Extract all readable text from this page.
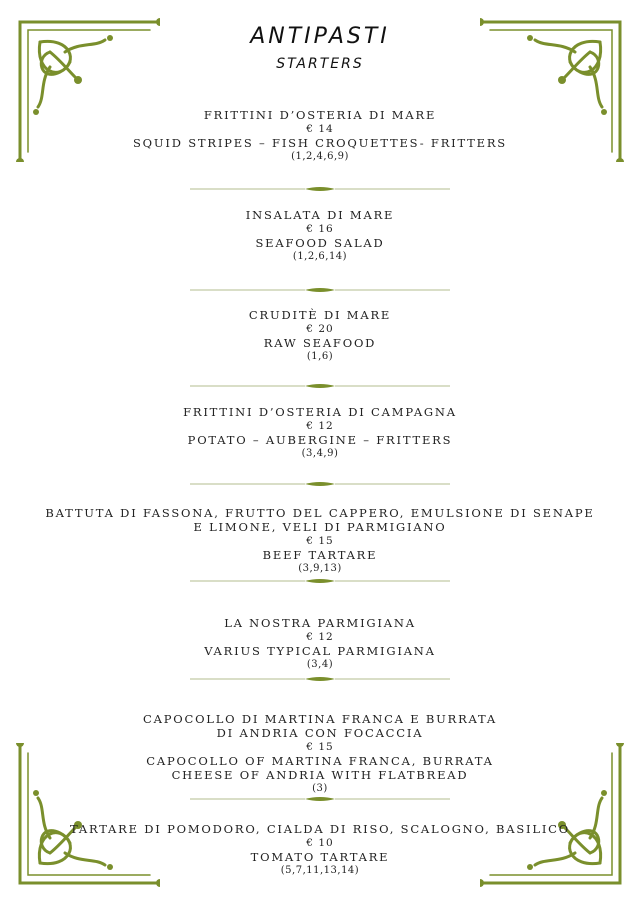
ANTIPASTI
STARTERS
FRITTINI D’OSTERIA DI MARE
€ 14
SQUID STRIPES – FISH CROQUETTES- FRITTERS
(1,2,4,6,9)
INSALATA DI MARE
€ 16
SEAFOOD SALAD
(1,2,6,14)
CRUDITÈ DI MARE
€ 20
RAW SEAFOOD
(1,6)
FRITTINI D’OSTERIA DI CAMPAGNA
€ 12
POTATO – AUBERGINE – FRITTERS
(3,4,9)
BATTUTA DI FASSONA, FRUTTO DEL CAPPERO, EMULSIONE DI SENAPE
E LIMONE, VELI DI PARMIGIANO
€ 15
BEEF TARTARE
(3,9,13)
LA NOSTRA PARMIGIANA
€ 12
VARIUS TYPICAL PARMIGIANA
(3,4)
CAPOCOLLO DI MARTINA FRANCA E BURRATA
DI ANDRIA CON FOCACCIA
€ 15
CAPOCOLLO OF MARTINA FRANCA, BURRATA
CHEESE OF ANDRIA WITH FLATBREAD
(3)
TARTARE DI POMODORO, CIALDA DI RISO, SCALOGNO, BASILICO
€ 10
TOMATO TARTARE
(5,7,11,13,14)
